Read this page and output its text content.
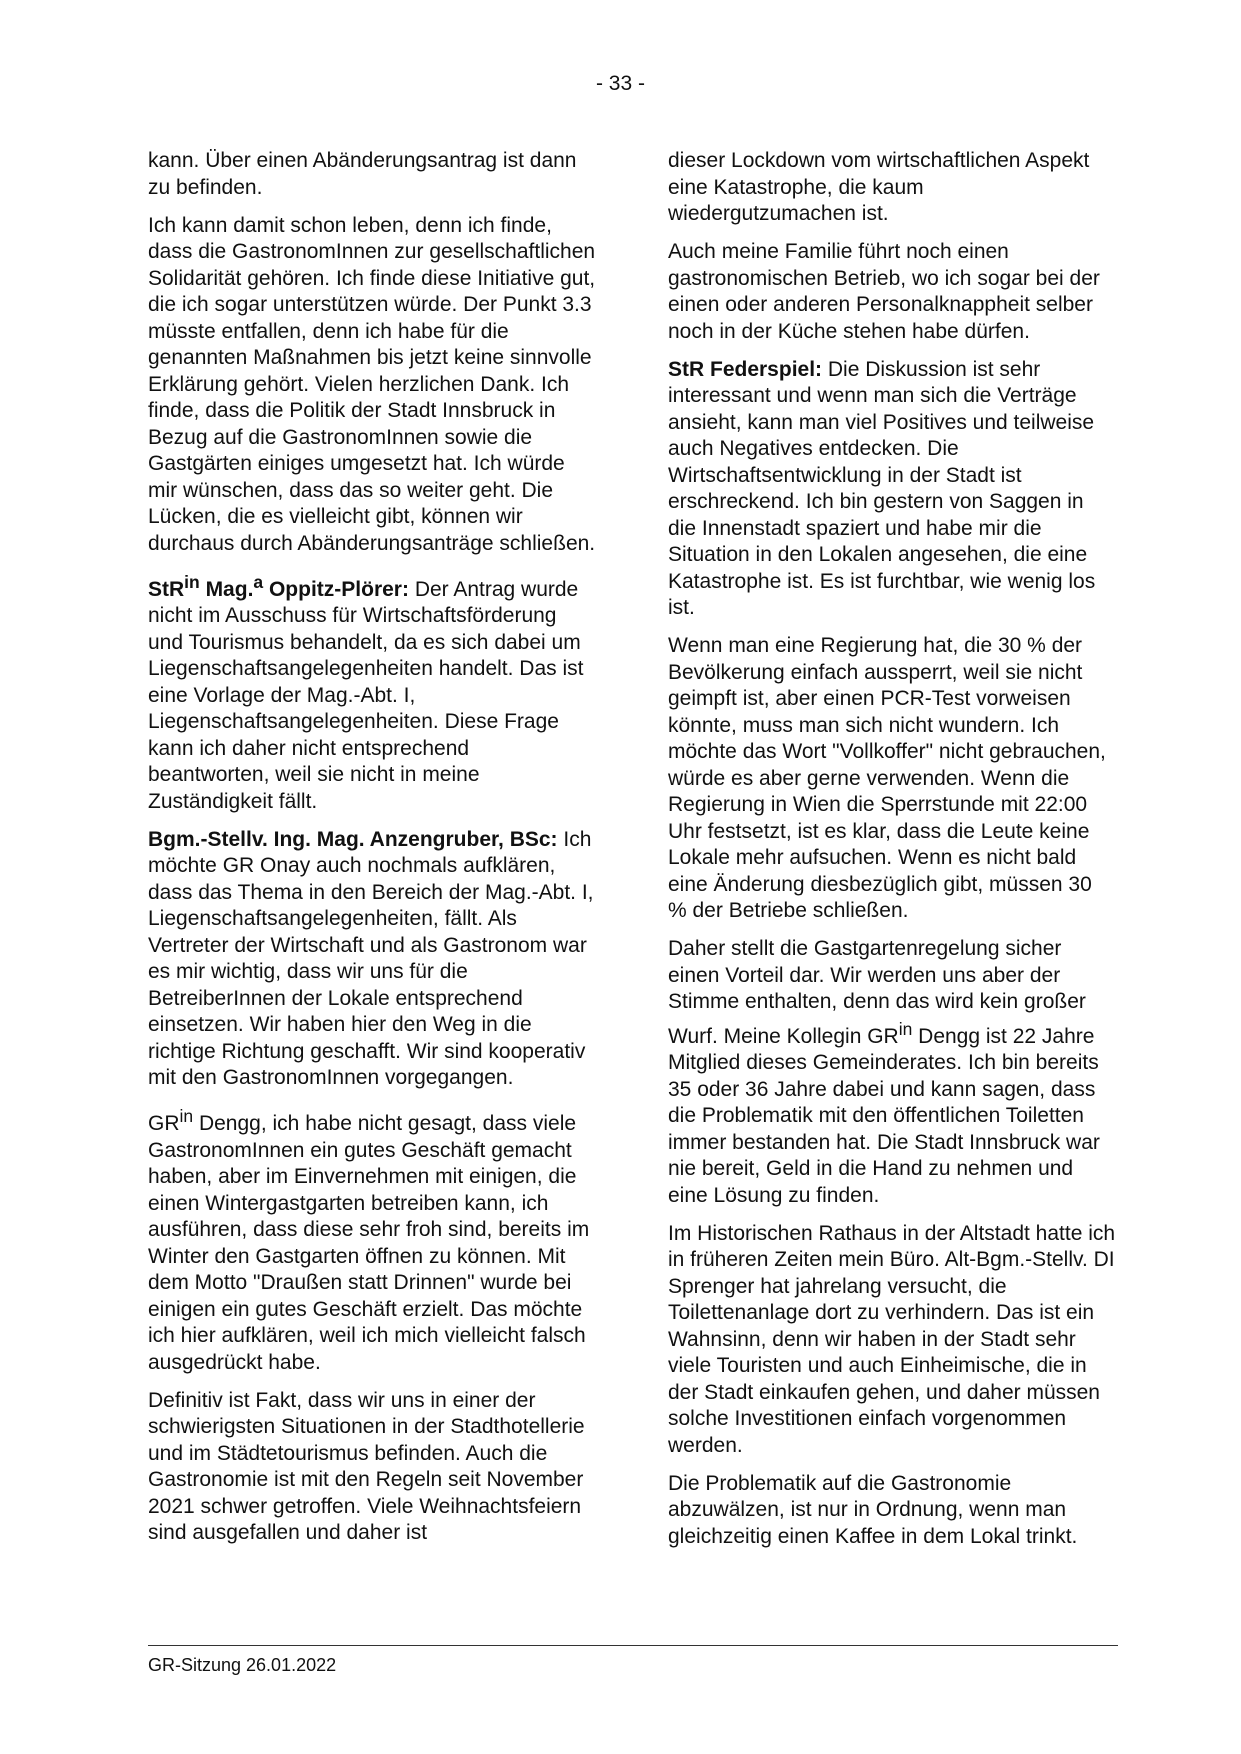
- 33 -

kann. Über einen Abänderungsantrag ist dann zu befinden.

Ich kann damit schon leben, denn ich finde, dass die GastronomInnen zur gesellschaftlichen Solidarität gehören. Ich finde diese Initiative gut, die ich sogar unterstützen würde. Der Punkt 3.3 müsste entfallen, denn ich habe für die genannten Maßnahmen bis jetzt keine sinnvolle Erklärung gehört. Vielen herzlichen Dank. Ich finde, dass die Politik der Stadt Innsbruck in Bezug auf die GastronomInnen sowie die Gastgärten einiges umgesetzt hat. Ich würde mir wünschen, dass das so weiter geht. Die Lücken, die es vielleicht gibt, können wir durchaus durch Abänderungsanträge schließen.

StR$^{in}$ Mag.$^a$ Oppitz-Plörer: Der Antrag wurde nicht im Ausschuss für Wirtschaftsförderung und Tourismus behandelt, da es sich dabei um Liegenschaftsangelegenheiten handelt. Das ist eine Vorlage der Mag.-Abt. I, Liegenschaftsangelegenheiten. Diese Frage kann ich daher nicht entsprechend beantworten, weil sie nicht in meine Zuständigkeit fällt.

Bgm.-Stellv. Ing. Mag. Anzengruber, BSc: Ich möchte GR Onay auch nochmals aufklären, dass das Thema in den Bereich der Mag.-Abt. I, Liegenschaftsangelegenheiten, fällt. Als Vertreter der Wirtschaft und als Gastronom war es mir wichtig, dass wir uns für die BetreiberInnen der Lokale entsprechend einsetzen. Wir haben hier den Weg in die richtige Richtung geschafft. Wir sind kooperativ mit den GastronomInnen vorgegangen.

$GR^{in}$ Dengg, ich habe nicht gesagt, dass viele GastronomInnen ein gutes Geschäft gemacht haben, aber im Einvernehmen mit einigen, die einen Wintergastgarten betreiben kann, ich ausführen, dass diese sehr froh sind, bereits im Winter den Gastgarten öffnen zu können. Mit dem Motto "Draußen statt Drinnen" wurde bei einigen ein gutes Geschäft erzielt. Das möchte ich hier aufklären, weil ich mich vielleicht falsch ausgedrückt habe.

Definitiv ist Fakt, dass wir uns in einer der schwierigsten Situationen in der Stadthotellerie und im Städtetourismus befinden. Auch die Gastronomie ist mit den Regeln seit November 2021 schwer getroffen. Viele Weihnachtsfeiern sind ausgefallen und daher ist

dieser Lockdown vom wirtschaftlichen Aspekt eine Katastrophe, die kaum wiedergutzumachen ist.

Auch meine Familie führt noch einen gastronomischen Betrieb, wo ich sogar bei der einen oder anderen Personalknappheit selber noch in der Küche stehen habe dürfen.

StR Federspiel: Die Diskussion ist sehr interessant und wenn man sich die Verträge ansieht, kann man viel Positives und teilweise auch Negatives entdecken. Die Wirtschaftsentwicklung in der Stadt ist erschreckend. Ich bin gestern von Saggen in die Innenstadt spaziert und habe mir die Situation in den Lokalen angesehen, die eine Katastrophe ist. Es ist furchtbar, wie wenig los ist.

Wenn man eine Regierung hat, die 30 % der Bevölkerung einfach aussperrt, weil sie nicht geimpft ist, aber einen PCR-Test vorweisen könnte, muss man sich nicht wundern. Ich möchte das Wort "Vollkoffer" nicht gebrauchen, würde es aber gerne verwenden. Wenn die Regierung in Wien die Sperrstunde mit 22:00 Uhr festsetzt, ist es klar, dass die Leute keine Lokale mehr aufsuchen. Wenn es nicht bald eine Änderung diesbezüglich gibt, müssen 30 % der Betriebe schließen.

Daher stellt die Gastgartenregelung sicher einen Vorteil dar. Wir werden uns aber der Stimme enthalten, denn das wird kein großer Wurf. Meine Kollegin $GR^{in}$ Dengg ist 22 Jahre Mitglied dieses Gemeinderates. Ich bin bereits 35 oder 36 Jahre dabei und kann sagen, dass die Problematik mit den öffentlichen Toiletten immer bestanden hat. Die Stadt Innsbruck war nie bereit, Geld in die Hand zu nehmen und eine Lösung zu finden.

Im Historischen Rathaus in der Altstadt hatte ich in früheren Zeiten mein Büro. Alt-Bgm.-Stellv. DI Sprenger hat jahrelang versucht, die Toilettenanlage dort zu verhindern. Das ist ein Wahnsinn, denn wir haben in der Stadt sehr viele Touristen und auch Einheimische, die in der Stadt einkaufen gehen, und daher müssen solche Investitionen einfach vorgenommen werden.

Die Problematik auf die Gastronomie abzuwälzen, ist nur in Ordnung, wenn man gleichzeitig einen Kaffee in dem Lokal trinkt.

GR-Sitzung 26.01.2022
